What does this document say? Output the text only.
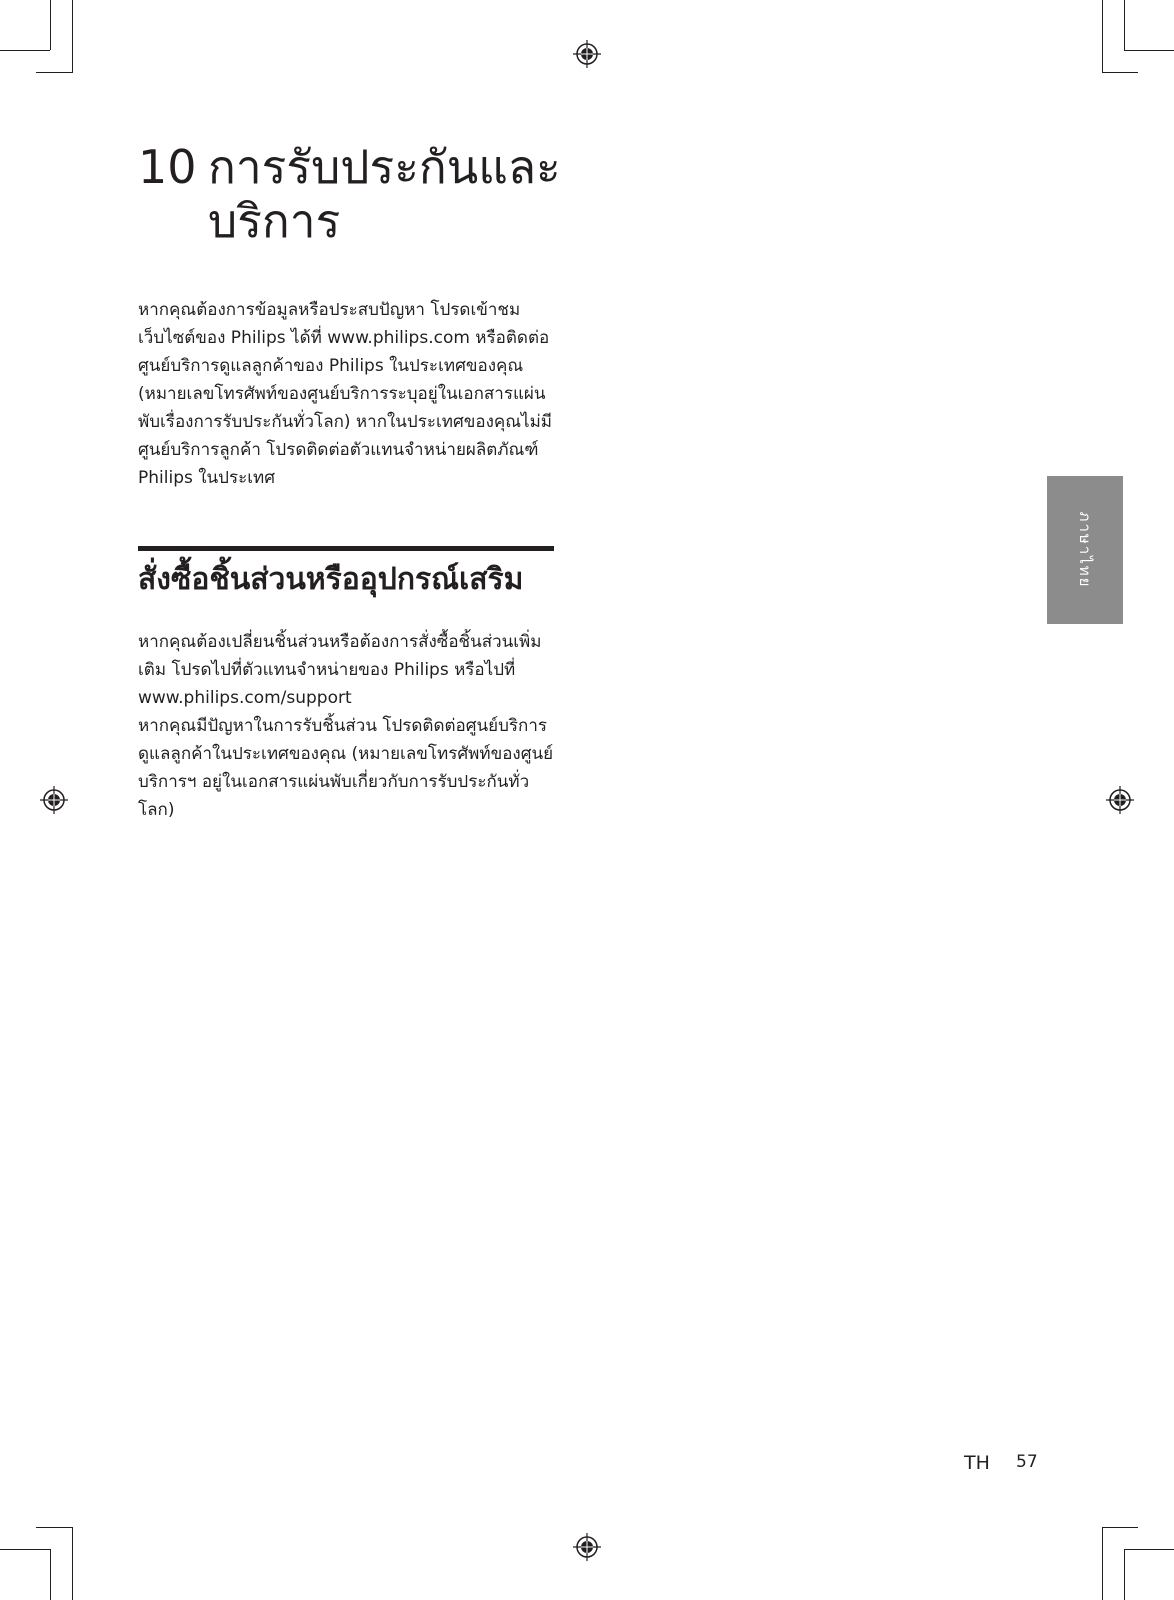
10 การรับประกันและบริการ
หากคุณต้องการข้อมูลหรือประสบปัญหา โปรดเข้าชมเว็บไซต์ของ Philips ได้ที่ www.philips.com หรือติดต่อศูนย์บริการดูแลลูกค้าของ Philips ในประเทศของคุณ (หมายเลขโทรศัพท์ของศูนย์บริการระบุอยู่ในเอกสารแผ่นพับเรื่องการรับประกันทั่วโลก) หากในประเทศของคุณไม่มีศูนย์บริการลูกค้า โปรดติดต่อตัวแทนจำหน่ายผลิตภัณฑ์ Philips ในประเทศ
สั่งซื้อชิ้นส่วนหรืออุปกรณ์เสริม

หากคุณต้องเปลี่ยนชิ้นส่วนหรือต้องการสั่งซื้อชิ้นส่วนเพิ่มเติม โปรดไปที่ตัวแทนจำหน่ายของ Philips หรือไปที่

www.philips.com/support

หากคุณมีปัญหาในการรับชิ้นส่วน โปรดติดต่อศูนย์บริการดูแลลูกค้าในประเทศของคุณ (หมายเลขโทรศัพท์ของศูนย์บริการฯ อยู่ในเอกสารแผ่นพับเกี่ยวกับการรับประกันทั่วโลก)

ภาษาไทย
TH 57
